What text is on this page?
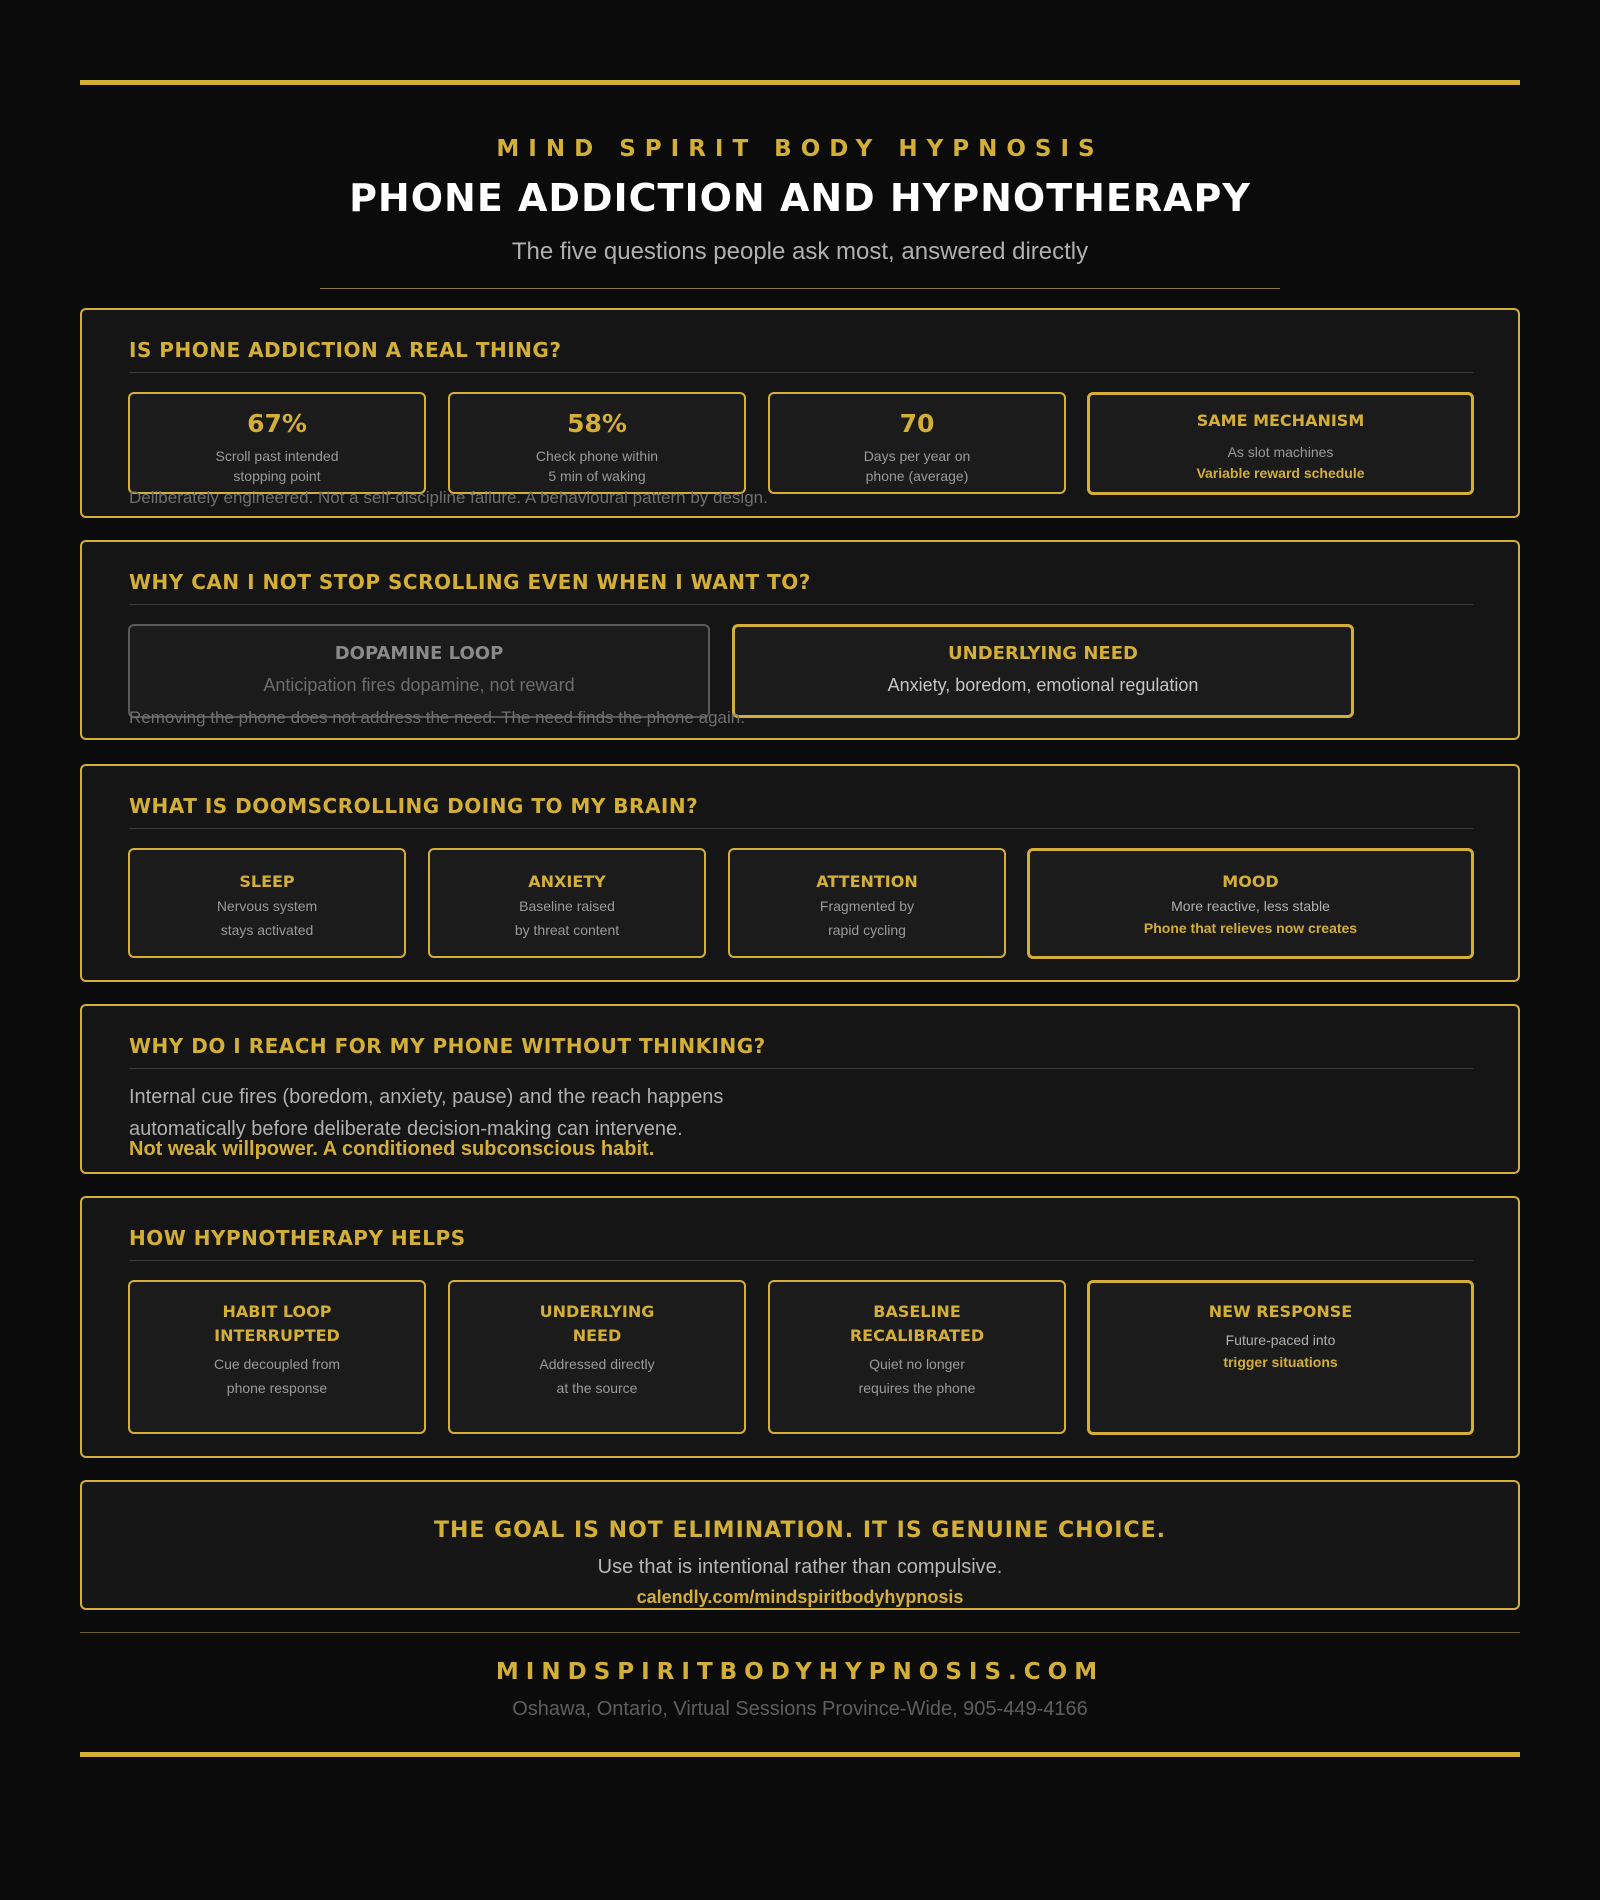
MIND SPIRIT BODY HYPNOSIS
PHONE ADDICTION AND HYPNOTHERAPY
The five questions people ask most, answered directly
IS PHONE ADDICTION A REAL THING?
67%
Scroll past intended
stopping point
58%
Check phone within
5 min of waking
70
Days per year on
phone (average)
SAME MECHANISM
As slot machines
Variable reward schedule
Deliberately engineered. Not a self-discipline failure. A behavioural pattern by design.
WHY CAN I NOT STOP SCROLLING EVEN WHEN I WANT TO?
DOPAMINE LOOP
Anticipation fires dopamine, not reward
UNDERLYING NEED
Anxiety, boredom, emotional regulation
Removing the phone does not address the need. The need finds the phone again.
WHAT IS DOOMSCROLLING DOING TO MY BRAIN?
SLEEP
Nervous system
stays activated
ANXIETY
Baseline raised
by threat content
ATTENTION
Fragmented by
rapid cycling
MOOD
More reactive, less stable
Phone that relieves now creates
WHY DO I REACH FOR MY PHONE WITHOUT THINKING?
Internal cue fires (boredom, anxiety, pause) and the reach happens
automatically before deliberate decision-making can intervene.
Not weak willpower. A conditioned subconscious habit.
HOW HYPNOTHERAPY HELPS
HABIT LOOP
INTERRUPTED
Cue decoupled from
phone response
UNDERLYING
NEED
Addressed directly
at the source
BASELINE
RECALIBRATED
Quiet no longer
requires the phone
NEW RESPONSE
Future-paced into
trigger situations
THE GOAL IS NOT ELIMINATION. IT IS GENUINE CHOICE.
Use that is intentional rather than compulsive.
calendly.com/mindspiritbodyhypnosis
MINDSPIRITBODYHYPNOSIS.COM
Oshawa, Ontario, Virtual Sessions Province-Wide, 905-449-4166
